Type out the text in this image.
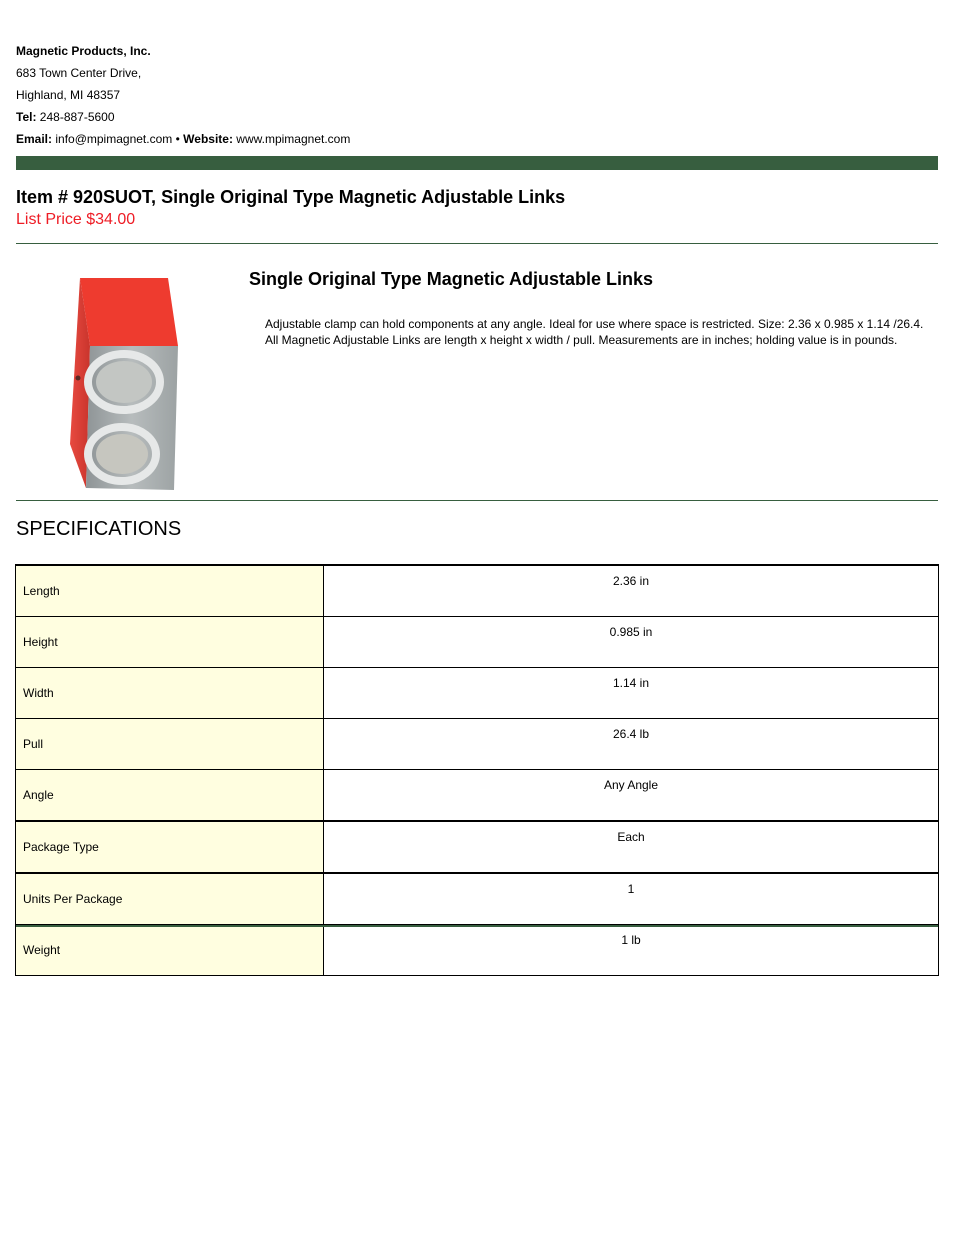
Magnetic Products, Inc.
683 Town Center Drive,
Highland, MI 48357
Tel: 248-887-5600
Email: info@mpimagnet.com • Website: www.mpimagnet.com
Item # 920SUOT, Single Original Type Magnetic Adjustable Links
List Price $34.00
Single Original Type Magnetic Adjustable Links
Adjustable clamp can hold components at any angle. Ideal for use where space is restricted. Size: 2.36 x 0.985 x 1.14 /26.4. All Magnetic Adjustable Links are length x height x width / pull. Measurements are in inches; holding value is in pounds.
SPECIFICATIONS
Length	2.36 in
Height	0.985 in
Width	1.14 in
Pull	26.4 lb
Angle	Any Angle
Package Type	Each
Units Per Package	1
Weight	1 lb
